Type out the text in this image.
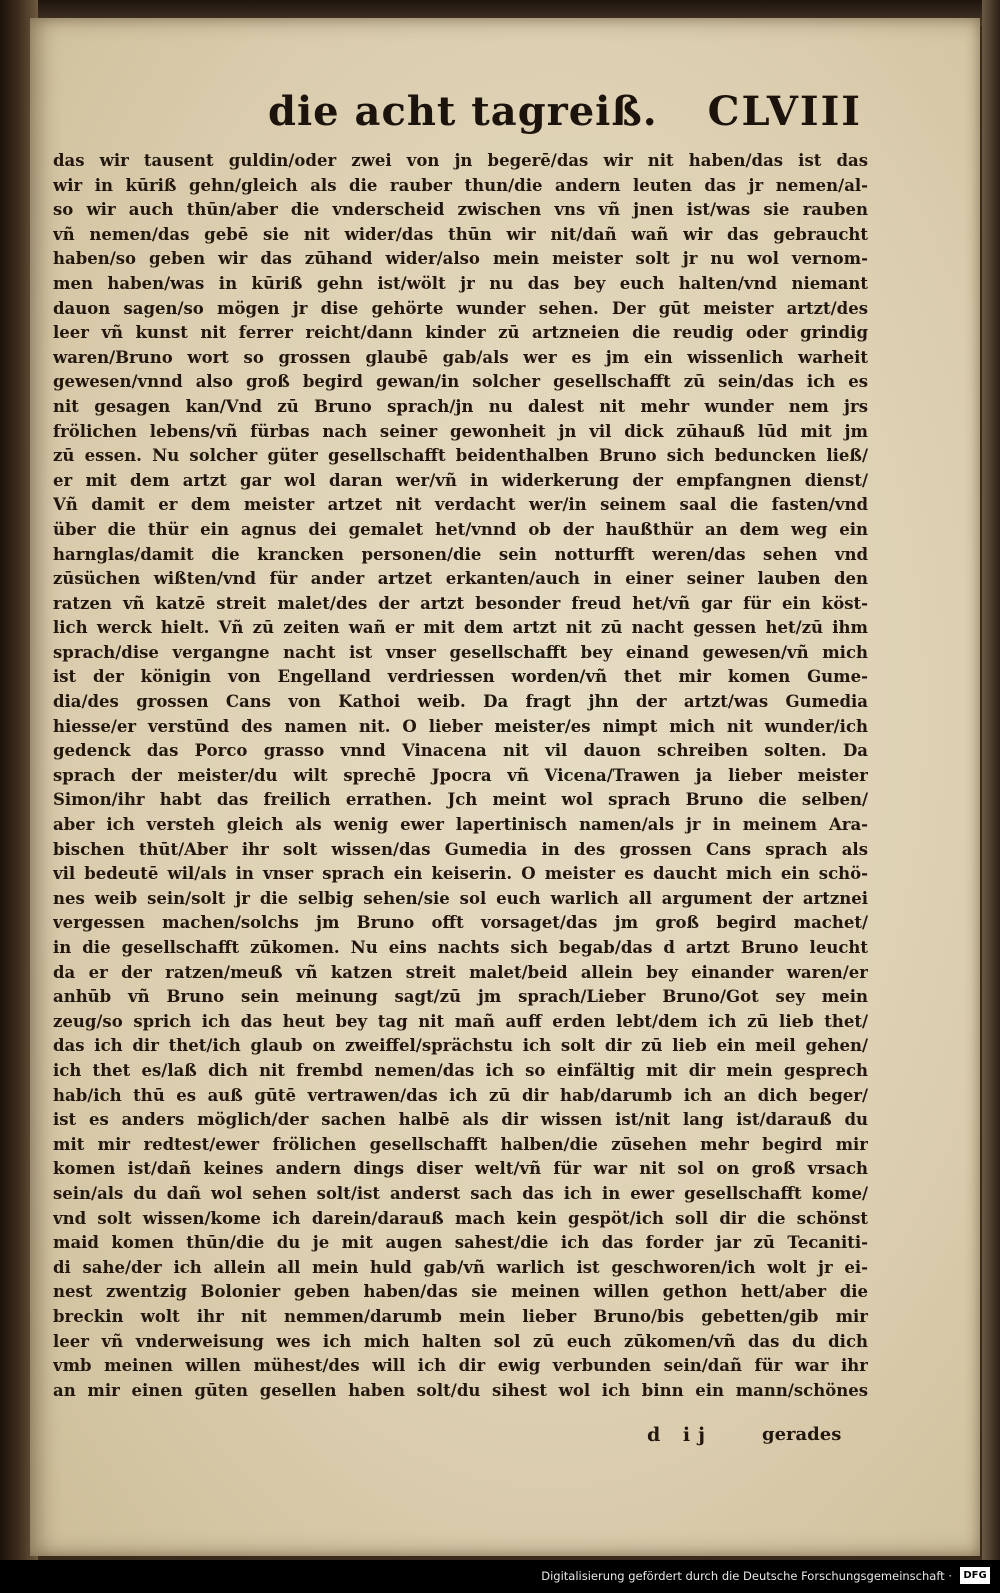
die acht tagreiß. CLVIII
das wir tausent guldin/oder zwei von jn begerē/das wir nit haben/das ist das
wir in kūriß gehn/gleich als die rauber thun/die andern leuten das jr nemen/al-
so wir auch thūn/aber die vnderscheid zwischen vns vñ jnen ist/was sie rauben
vñ nemen/das gebē sie nit wider/das thūn wir nit/dañ wañ wir das gebraucht
haben/so geben wir das zūhand wider/also mein meister solt jr nu wol vernom-
men haben/was in kūriß gehn ist/wölt jr nu das bey euch halten/vnd niemant
dauon sagen/so mögen jr dise gehörte wunder sehen. Der gūt meister artzt/des
leer vñ kunst nit ferrer reicht/dann kinder zū artzneien die reudig oder grindig
waren/Bruno wort so grossen glaubē gab/als wer es jm ein wissenlich warheit
gewesen/vnnd also groß begird gewan/in solcher gesellschafft zū sein/das ich es
nit gesagen kan/Vnd zū Bruno sprach/jn nu dalest nit mehr wunder nem jrs
frölichen lebens/vñ fürbas nach seiner gewonheit jn vil dick zūhauß lūd mit jm
zū essen. Nu solcher güter gesellschafft beidenthalben Bruno sich beduncken ließ/
er mit dem artzt gar wol daran wer/vñ in widerkerung der empfangnen dienst/
Vñ damit er dem meister artzet nit verdacht wer/in seinem saal die fasten/vnd
über die thür ein agnus dei gemalet het/vnnd ob der haußthür an dem weg ein
harnglas/damit die krancken personen/die sein notturfft weren/das sehen vnd
zūsüchen wißten/vnd für ander artzet erkanten/auch in einer seiner lauben den
ratzen vñ katzē streit malet/des der artzt besonder freud het/vñ gar für ein köst-
lich werck hielt. Vñ zū zeiten wañ er mit dem artzt nit zū nacht gessen het/zū ihm
sprach/dise vergangne nacht ist vnser gesellschafft bey einand gewesen/vñ mich
ist der königin von Engelland verdriessen worden/vñ thet mir komen Gume-
dia/des grossen Cans von Kathoi weib. Da fragt jhn der artzt/was Gumedia
hiesse/er verstūnd des namen nit. O lieber meister/es nimpt mich nit wunder/ich
gedenck das Porco grasso vnnd Vinacena nit vil dauon schreiben solten. Da
sprach der meister/du wilt sprechē Jpocra vñ Vicena/Trawen ja lieber meister
Simon/ihr habt das freilich errathen. Jch meint wol sprach Bruno die selben/
aber ich versteh gleich als wenig ewer lapertinisch namen/als jr in meinem Ara-
bischen thūt/Aber ihr solt wissen/das Gumedia in des grossen Cans sprach als
vil bedeutē wil/als in vnser sprach ein keiserin. O meister es daucht mich ein schö-
nes weib sein/solt jr die selbig sehen/sie sol euch warlich all argument der artznei
vergessen machen/solchs jm Bruno offt vorsaget/das jm groß begird machet/
in die gesellschafft zūkomen. Nu eins nachts sich begab/das d artzt Bruno leucht
da er der ratzen/meuß vñ katzen streit malet/beid allein bey einander waren/er
anhūb vñ Bruno sein meinung sagt/zū jm sprach/Lieber Bruno/Got sey mein
zeug/so sprich ich das heut bey tag nit mañ auff erden lebt/dem ich zū lieb thet/
das ich dir thet/ich glaub on zweiffel/sprächstu ich solt dir zū lieb ein meil gehen/
ich thet es/laß dich nit frembd nemen/das ich so einfältig mit dir mein gesprech
hab/ich thū es auß gūtē vertrawen/das ich zū dir hab/darumb ich an dich beger/
ist es anders möglich/der sachen halbē als dir wissen ist/nit lang ist/darauß du
mit mir redtest/ewer frölichen gesellschafft halben/die zūsehen mehr begird mir
komen ist/dañ keines andern dings diser welt/vñ für war nit sol on groß vrsach
sein/als du dañ wol sehen solt/ist anderst sach das ich in ewer gesellschafft kome/
vnd solt wissen/kome ich darein/darauß mach kein gespöt/ich soll dir die schönst
maid komen thūn/die du je mit augen sahest/die ich das forder jar zū Tecaniti-
di sahe/der ich allein all mein huld gab/vñ warlich ist geschworen/ich wolt jr ei-
nest zwentzig Bolonier geben haben/das sie meinen willen gethon hett/aber die
breckin wolt ihr nit nemmen/darumb mein lieber Bruno/bis gebetten/gib mir
leer vñ vnderweisung wes ich mich halten sol zū euch zūkomen/vñ das du dich
vmb meinen willen mühest/des will ich dir ewig verbunden sein/dañ für war ihr
an mir einen gūten gesellen haben solt/du sihest wol ich binn ein mann/schönes
d ij	gerades
Digitalisierung gefördert durch die Deutsche Forschungsgemeinschaft ·	DFG
